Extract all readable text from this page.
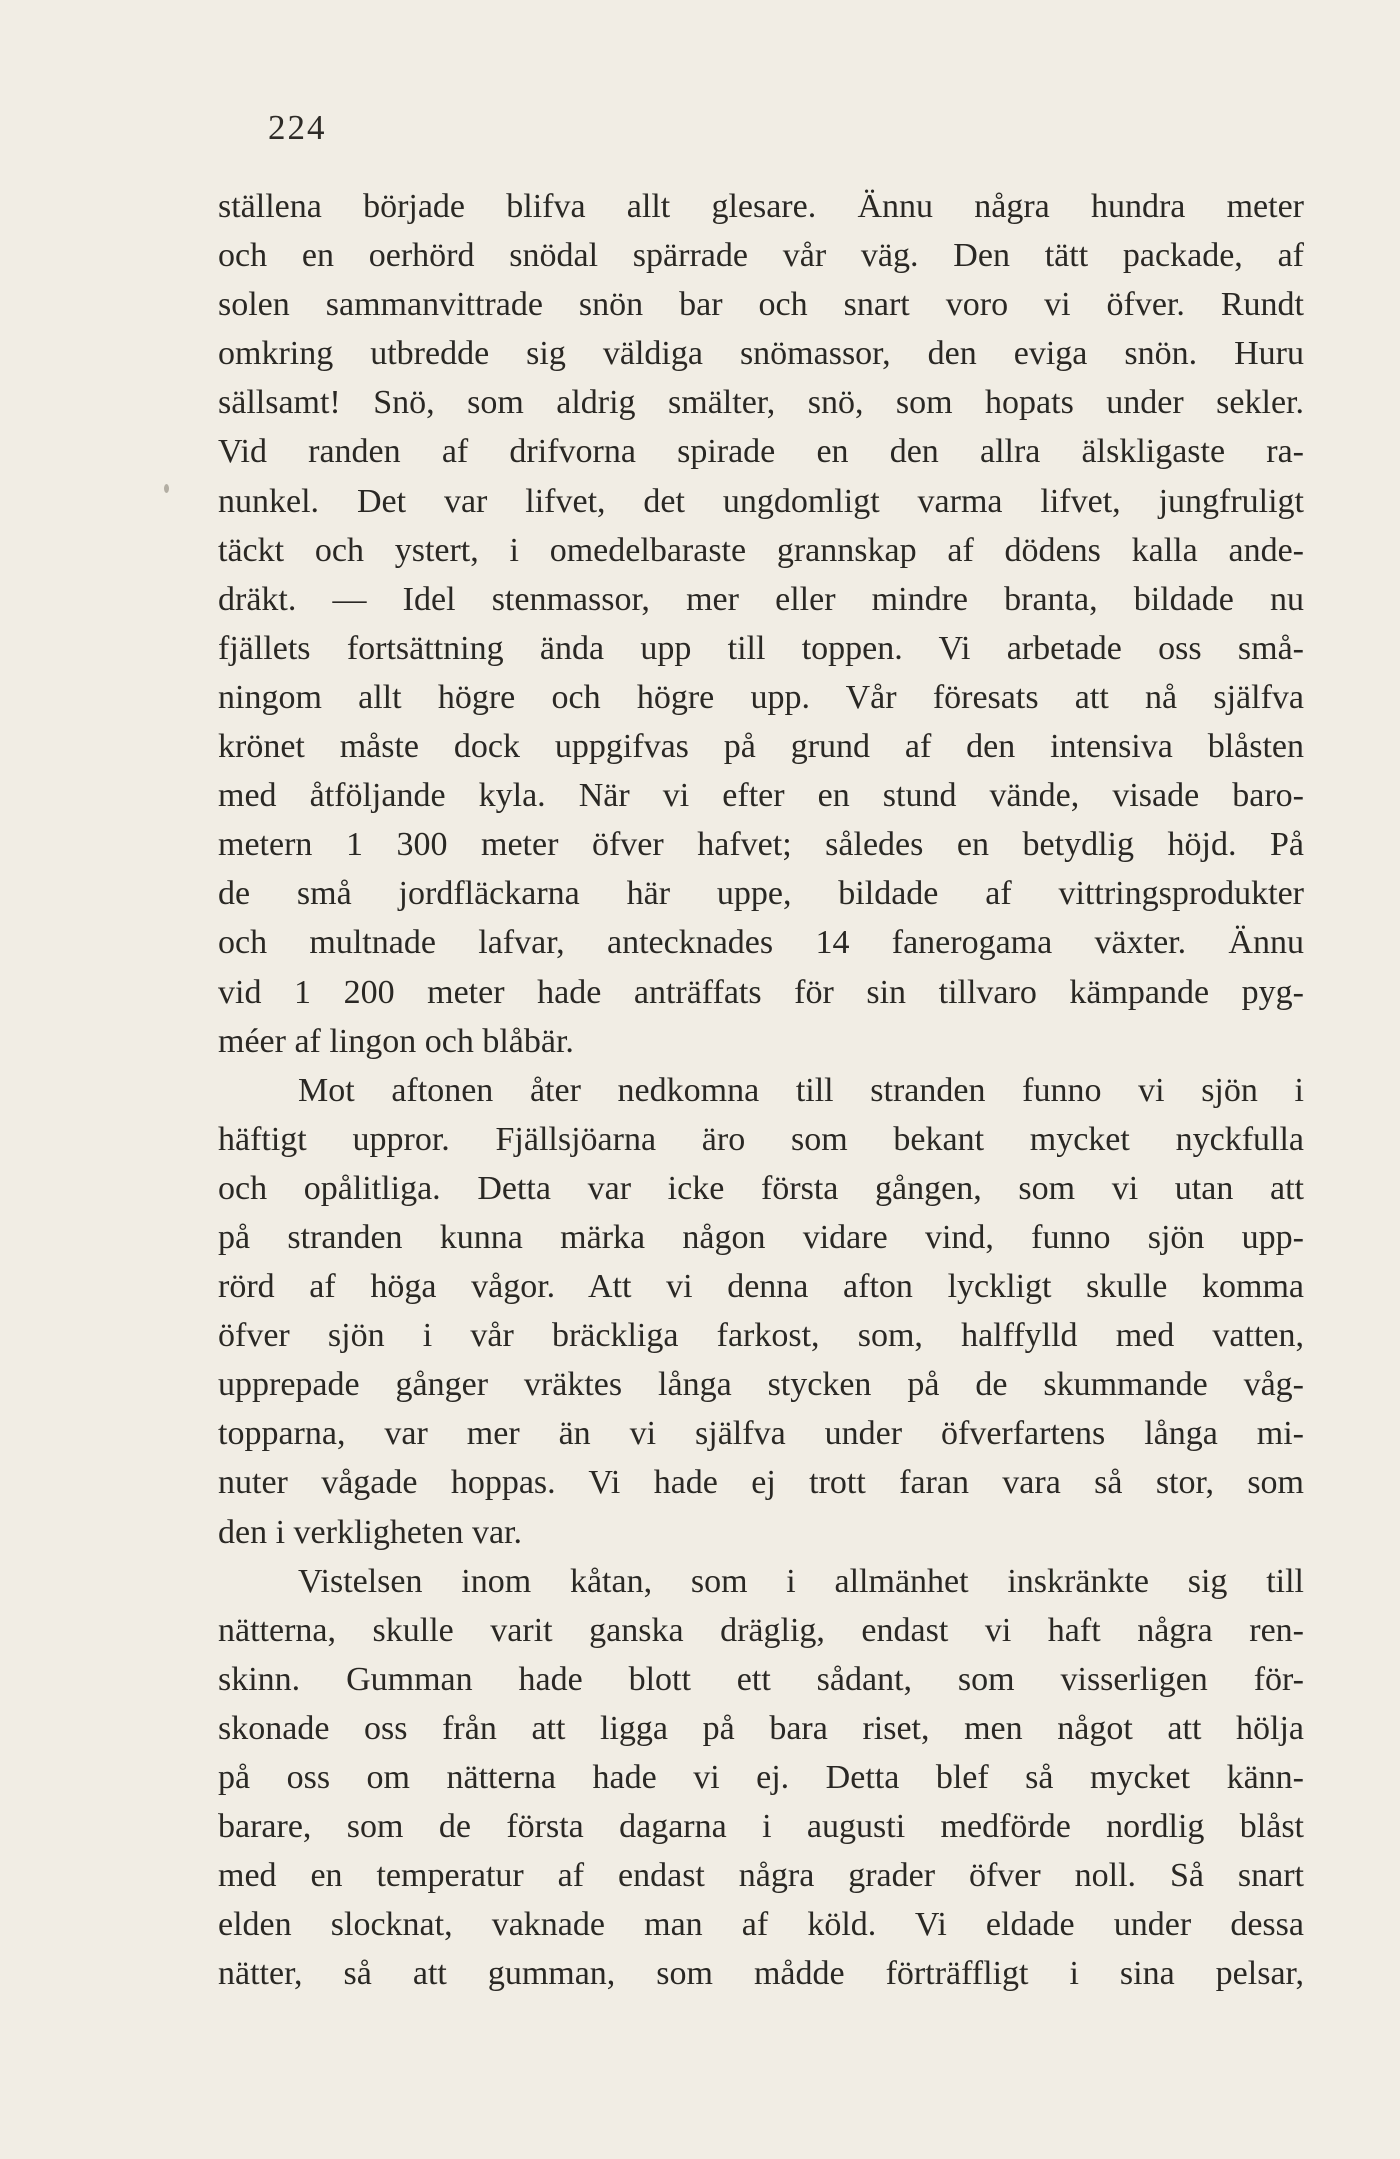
224
ställena började blifva allt glesare. Ännu några hundra meter
och en oerhörd snödal spärrade vår väg. Den tätt packade, af
solen sammanvittrade snön bar och snart voro vi öfver. Rundt
omkring utbredde sig väldiga snömassor, den eviga snön. Huru
sällsamt! Snö, som aldrig smälter, snö, som hopats under sekler.
Vid randen af drifvorna spirade en den allra älskligaste ra-
nunkel. Det var lifvet, det ungdomligt varma lifvet, jungfruligt
täckt och ystert, i omedelbaraste grannskap af dödens kalla ande-
dräkt. — Idel stenmassor, mer eller mindre branta, bildade nu
fjällets fortsättning ända upp till toppen. Vi arbetade oss små-
ningom allt högre och högre upp. Vår föresats att nå själfva
krönet måste dock uppgifvas på grund af den intensiva blåsten
med åtföljande kyla. När vi efter en stund vände, visade baro-
metern 1 300 meter öfver hafvet; således en betydlig höjd. På
de små jordfläckarna här uppe, bildade af vittringsprodukter
och multnade lafvar, antecknades 14 fanerogama växter. Ännu
vid 1 200 meter hade anträffats för sin tillvaro kämpande pyg-
méer af lingon och blåbär.
Mot aftonen åter nedkomna till stranden funno vi sjön i
häftigt uppror. Fjällsjöarna äro som bekant mycket nyckfulla
och opålitliga. Detta var icke första gången, som vi utan att
på stranden kunna märka någon vidare vind, funno sjön upp-
rörd af höga vågor. Att vi denna afton lyckligt skulle komma
öfver sjön i vår bräckliga farkost, som, halffylld med vatten,
upprepade gånger vräktes långa stycken på de skummande våg-
topparna, var mer än vi själfva under öfverfartens långa mi-
nuter vågade hoppas. Vi hade ej trott faran vara så stor, som
den i verkligheten var.
Vistelsen inom kåtan, som i allmänhet inskränkte sig till
nätterna, skulle varit ganska dräglig, endast vi haft några ren-
skinn. Gumman hade blott ett sådant, som visserligen för-
skonade oss från att ligga på bara riset, men något att hölja
på oss om nätterna hade vi ej. Detta blef så mycket känn-
barare, som de första dagarna i augusti medförde nordlig blåst
med en temperatur af endast några grader öfver noll. Så snart
elden slocknat, vaknade man af köld. Vi eldade under dessa
nätter, så att gumman, som mådde förträffligt i sina pelsar,
